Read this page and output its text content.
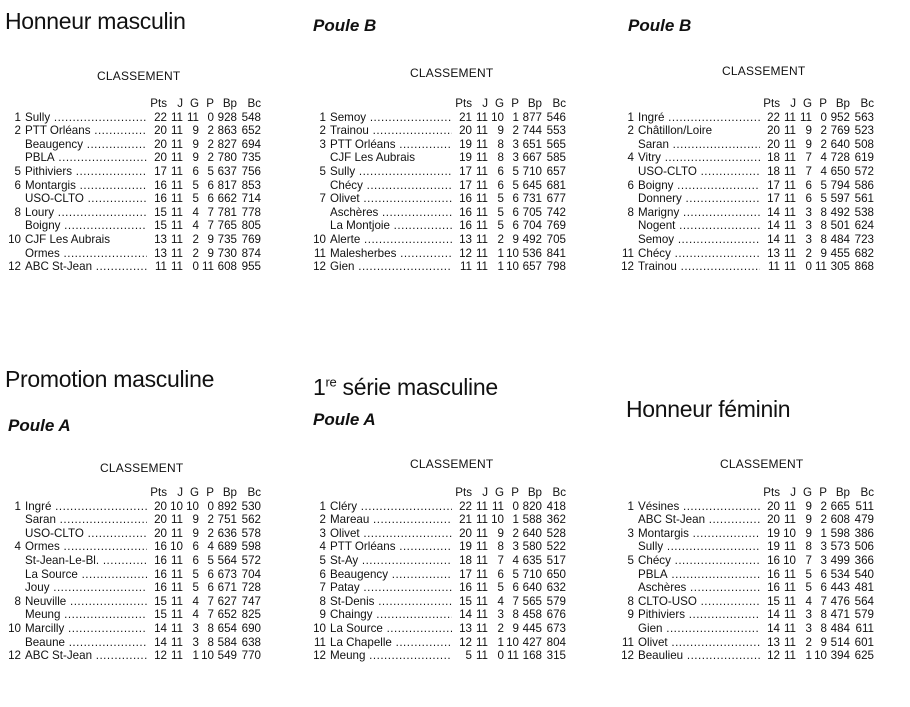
Honneur masculin	Poule B	Poule B
Promotion masculine
Poule A
1re série masculine
Poule A	Honneur féminin
CLASSEMENT
Pts J G P Bp Bc
1 Sully .....	22 11 11 0 928 548
2 PTT Orléans .....	20 11 9 2 863 652
Beaugency .....	20 11 9 2 827 694
PBLA .....	20 11 9 2 780 735
5 Pithiviers .....	17 11 6 5 637 756
6 Montargis .....	16 11 5 6 817 853
USO-CLTO .....	16 11 5 6 662 714
8 Loury .....	15 11 4 7 781 778
Boigny .....	15 11 4 7 765 805
10 CJF Les Aubrais	13 11 2 9 735 769
Ormes .....	13 11 2 9 730 874
12 ABC St-Jean .....	11 11 0 11 608 955
CLASSEMENT
Pts J G P Bp Bc
1 Semoy .....	21 11 10 1 877 546
2 Trainou .....	20 11 9 2 744 553
3 PTT Orléans .....	19 11 8 3 651 565
CJF Les Aubrais	19 11 8 3 667 585
5 Sully .....	17 11 6 5 710 657
Chécy .....	17 11 6 5 645 681
7 Olivet .....	16 11 5 6 731 677
Aschères .....	16 11 5 6 705 742
La Montjoie .....	16 11 5 6 704 769
10 Alerte .....	13 11 2 9 492 705
11 Malesherbes .....	12 11 1 10 536 841
12 Gien .....	11 11 1 10 657 798
CLASSEMENT
Pts J G P Bp Bc
1 Ingré .....	22 11 11 0 952 563
2 Châtillon/Loire	20 11 9 2 769 523
Saran .....	20 11 9 2 640 508
4 Vitry .....	18 11 7 4 728 619
USO-CLTO .....	18 11 7 4 650 572
6 Boigny .....	17 11 6 5 794 586
Donnery .....	17 11 6 5 597 561
8 Marigny .....	14 11 3 8 492 538
Nogent .....	14 11 3 8 501 624
Semoy .....	14 11 3 8 484 723
11 Chécy .....	13 11 2 9 455 682
12 Trainou .....	11 11 0 11 305 868
CLASSEMENT
Pts J G P Bp Bc
1 Ingré .....	20 10 10 0 892 530
Saran .....	20 11 9 2 751 562
USO-CLTO .....	20 11 9 2 636 578
4 Ormes .....	16 10 6 4 689 598
St-Jean-Le-Bl. .....	16 11 6 5 564 572
La Source .....	16 11 5 6 673 704
Jouy .....	16 11 5 6 671 728
8 Neuville .....	15 11 4 7 627 747
Meung .....	15 11 4 7 652 825
10 Marcilly .....	14 11 3 8 654 690
Beaune .....	14 11 3 8 584 638
12 ABC St-Jean .....	12 11 1 10 549 770
CLASSEMENT
Pts J G P Bp Bc
1 Cléry .....	22 11 11 0 820 418
2 Mareau .....	21 11 10 1 588 362
3 Olivet .....	20 11 9 2 640 528
4 PTT Orléans .....	19 11 8 3 580 522
5 St-Ay .....	18 11 7 4 635 517
6 Beaugency .....	17 11 6 5 710 650
7 Patay .....	16 11 5 6 640 632
8 St-Denis .....	15 11 4 7 565 579
9 Chaingy .....	14 11 3 8 458 676
10 La Source .....	13 11 2 9 445 673
11 La Chapelle .....	12 11 1 10 427 804
12 Meung .....	5 11 0 11 168 315
CLASSEMENT
Pts J G P Bp Bc
1 Vésines .....	20 11 9 2 665 511
ABC St-Jean .....	20 11 9 2 608 479
3 Montargis .....	19 10 9 1 598 386
Sully .....	19 11 8 3 573 506
5 Chécy .....	16 10 7 3 499 366
PBLA .....	16 11 5 6 534 540
Aschères .....	16 11 5 6 443 481
8 CLTO-USO .....	15 11 4 7 476 564
9 Pithiviers .....	14 11 3 8 471 579
Gien .....	14 11 3 8 484 611
11 Olivet .....	13 11 2 9 514 601
12 Beaulieu .....	12 11 1 10 394 625
